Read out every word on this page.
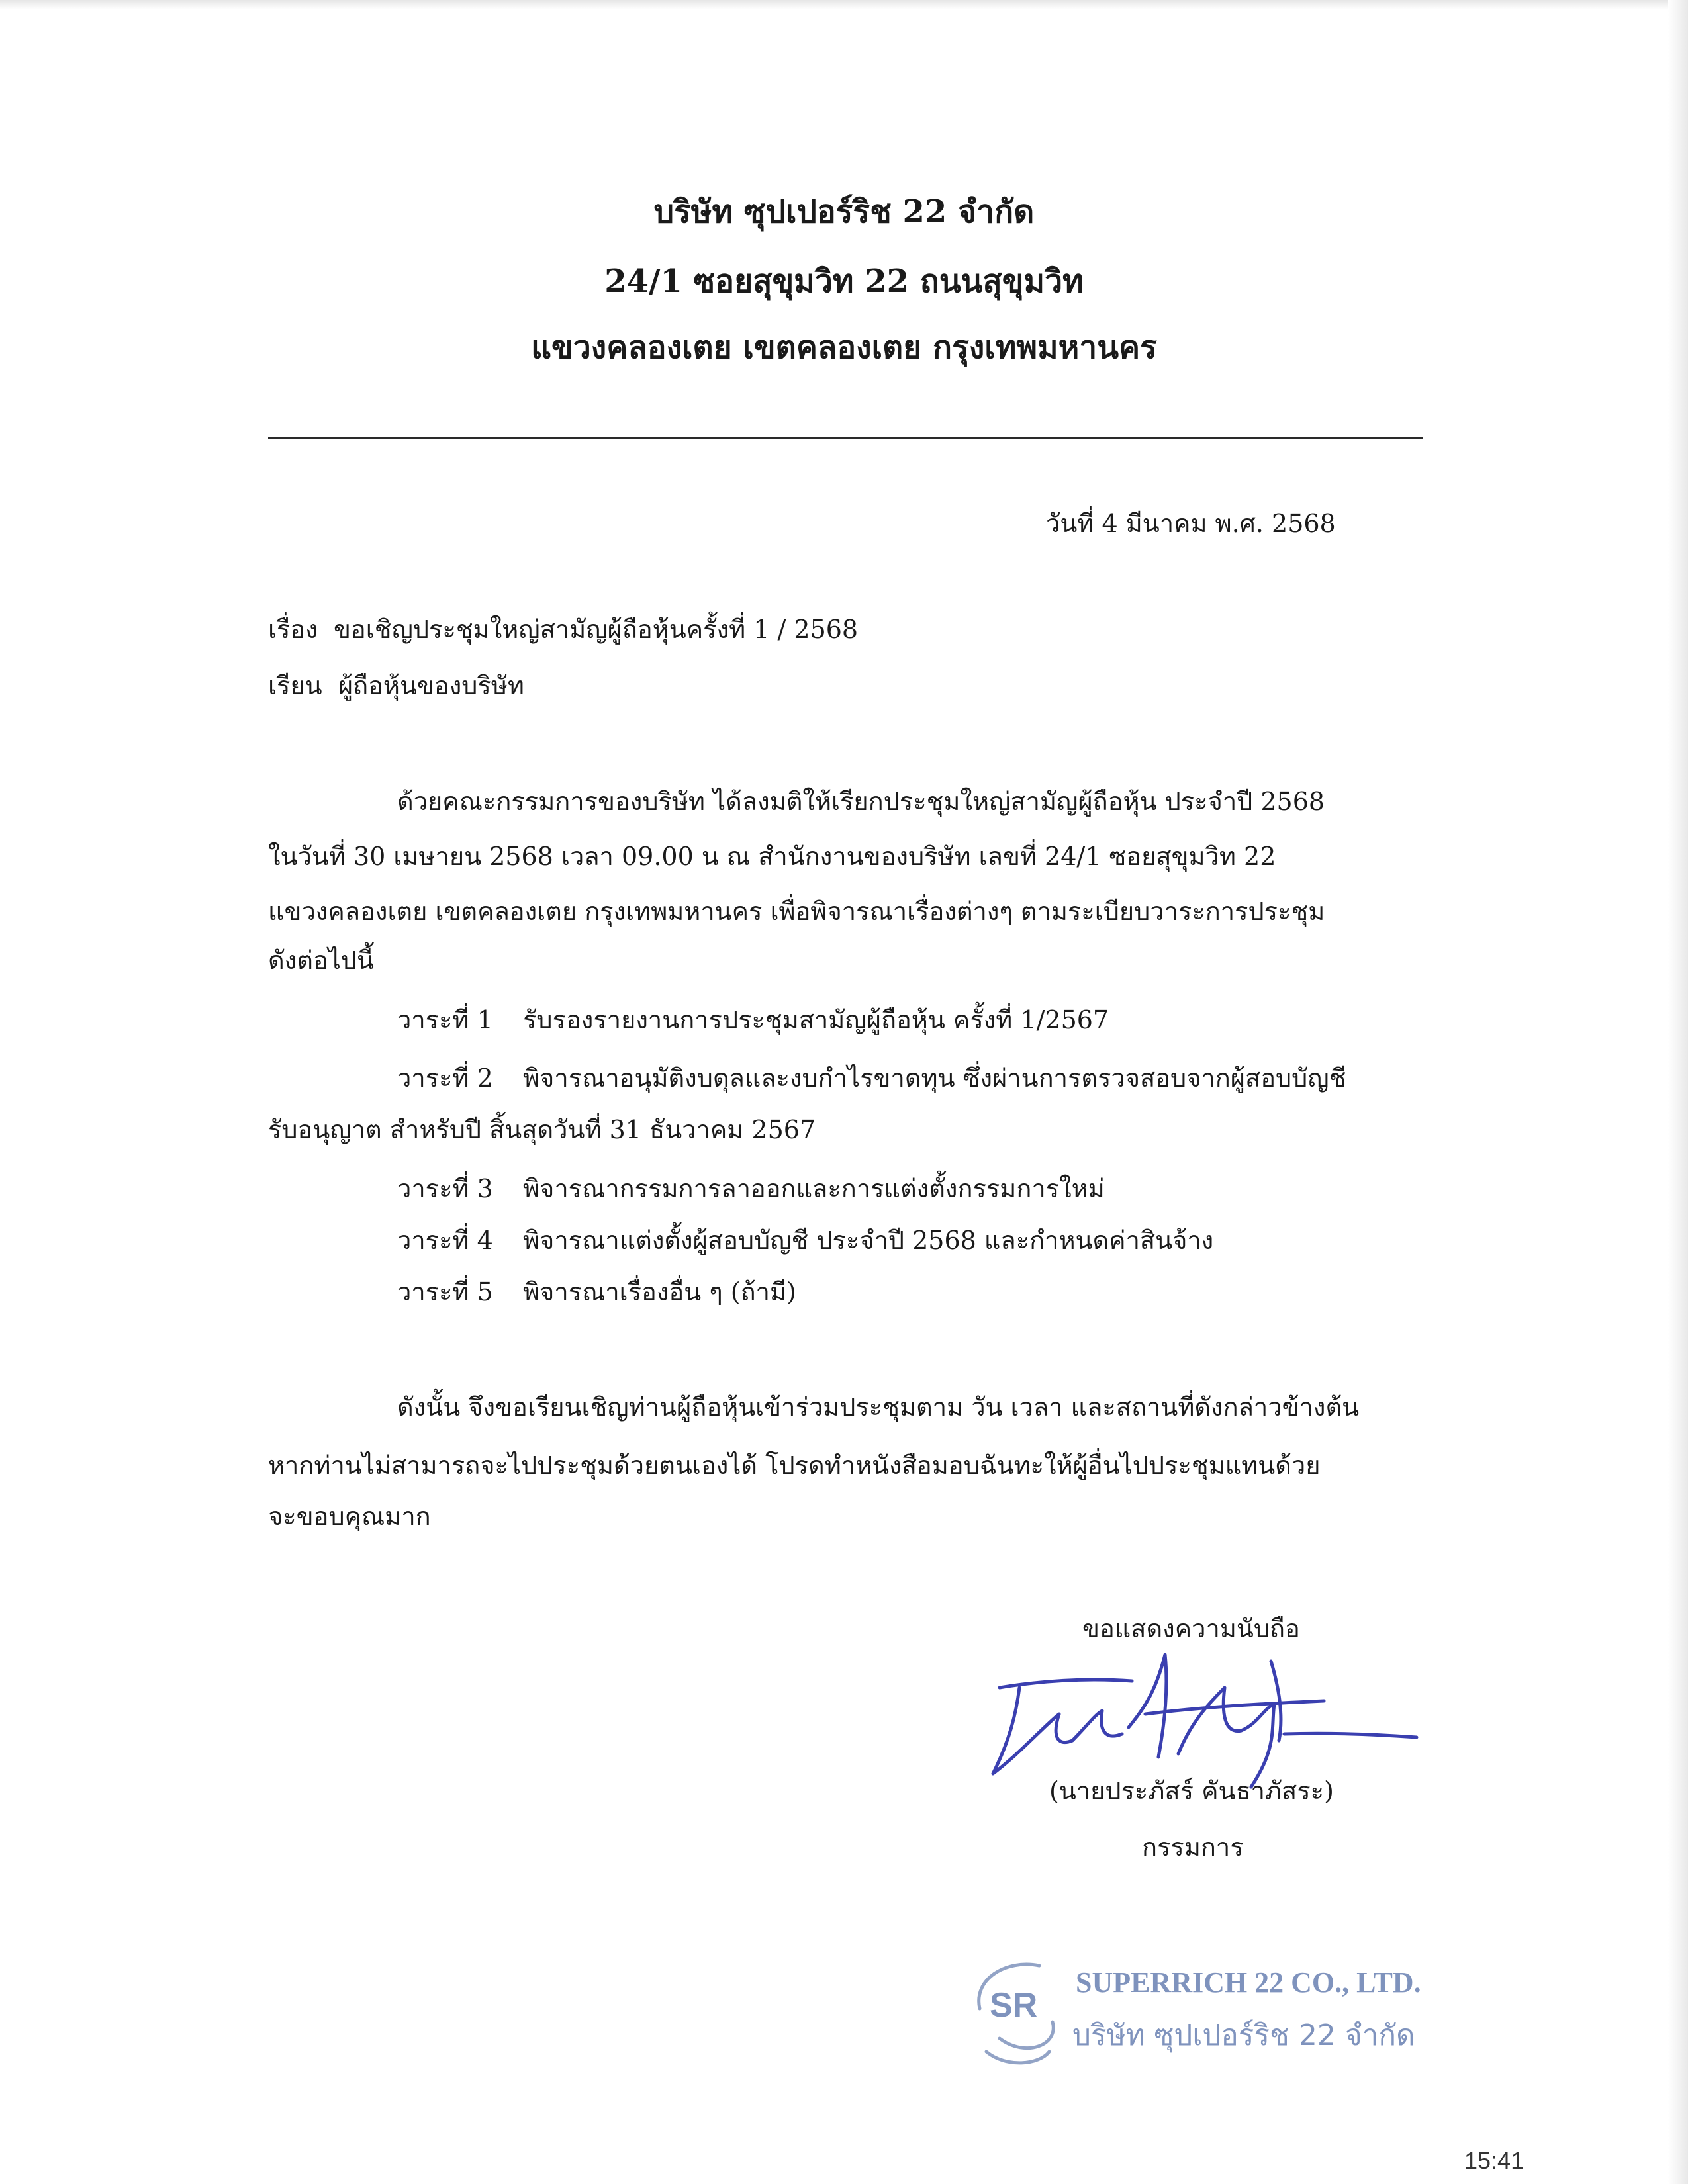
บริษัท ซุปเปอร์ริช 22 จำกัด
24/1 ซอยสุขุมวิท 22 ถนนสุขุมวิท
แขวงคลองเตย เขตคลองเตย กรุงเทพมหานคร
วันที่ 4 มีนาคม พ.ศ. 2568
เรื่อง ขอเชิญประชุมใหญ่สามัญผู้ถือหุ้นครั้งที่ 1 / 2568
เรียน ผู้ถือหุ้นของบริษัท
ด้วยคณะกรรมการของบริษัท ได้ลงมติให้เรียกประชุมใหญ่สามัญผู้ถือหุ้น ประจำปี 2568
ในวันที่ 30 เมษายน 2568 เวลา 09.00 น ณ สำนักงานของบริษัท เลขที่ 24/1 ซอยสุขุมวิท 22
แขวงคลองเตย เขตคลองเตย กรุงเทพมหานคร เพื่อพิจารณาเรื่องต่างๆ ตามระเบียบวาระการประชุม
ดังต่อไปนี้
วาระที่ 1 รับรองรายงานการประชุมสามัญผู้ถือหุ้น ครั้งที่ 1/2567
วาระที่ 2 พิจารณาอนุมัติงบดุลและงบกำไรขาดทุน ซึ่งผ่านการตรวจสอบจากผู้สอบบัญชี
รับอนุญาต สำหรับปี สิ้นสุดวันที่ 31 ธันวาคม 2567
วาระที่ 3 พิจารณากรรมการลาออกและการแต่งตั้งกรรมการใหม่
วาระที่ 4 พิจารณาแต่งตั้งผู้สอบบัญชี ประจำปี 2568 และกำหนดค่าสินจ้าง
วาระที่ 5 พิจารณาเรื่องอื่น ๆ (ถ้ามี)
ดังนั้น จึงขอเรียนเชิญท่านผู้ถือหุ้นเข้าร่วมประชุมตาม วัน เวลา และสถานที่ดังกล่าวข้างต้น
หากท่านไม่สามารถจะไปประชุมด้วยตนเองได้ โปรดทำหนังสือมอบฉันทะให้ผู้อื่นไปประชุมแทนด้วย
จะขอบคุณมาก
ขอแสดงความนับถือ
(นายประภัสร์ คันธาภัสระ)
กรรมการ
SR
SUPERRICH 22 CO., LTD.
บริษัท ซุปเปอร์ริช 22 จำกัด
15:41
